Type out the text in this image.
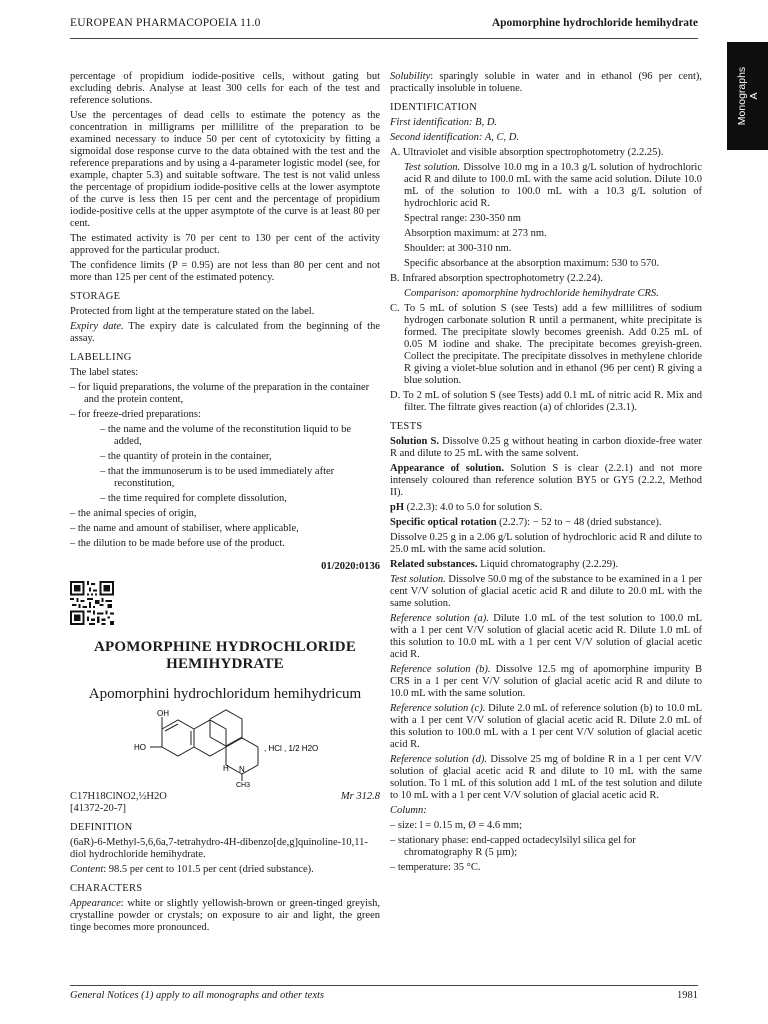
EUROPEAN PHARMACOPOEIA 11.0	Apomorphine hydrochloride hemihydrate
Monographs A

percentage of propidium iodide-positive cells, without gating but excluding debris. Analyse at least 300 cells for each of the test and reference solutions.

Use the percentages of dead cells to estimate the potency as the concentration in milligrams per millilitre of the preparation to be examined necessary to induce 50 per cent of cytotoxicity by fitting a sigmoidal dose response curve to the data obtained with the test and the reference preparations and by using a 4-parameter logistic model (see, for example, chapter 5.3) and suitable software. The test is not valid unless the percentage of propidium iodide-positive cells at the lower asymptote of the curve is less then 15 per cent and the percentage of propidium iodide-positive cells at the upper asymptote of the curve is at least 80 per cent.

The estimated activity is 70 per cent to 130 per cent of the activity approved for the particular product.

The confidence limits (P = 0.95) are not less than 80 per cent and not more than 125 per cent of the estimated potency.

STORAGE

Protected from light at the temperature stated on the label.

Expiry date. The expiry date is calculated from the beginning of the assay.

LABELLING

The label states:

– for liquid preparations, the volume of the preparation in the container and the protein content,

– for freeze-dried preparations:

– the name and the volume of the reconstitution liquid to be added,

– the quantity of protein in the container,

– that the immunoserum is to be used immediately after reconstitution,

– the time required for complete dissolution,

– the animal species of origin,

– the name and amount of stabiliser, where applicable,

– the dilution to be made before use of the product.

01/2020:0136
APOMORPHINE HYDROCHLORIDE HEMIHYDRATE
Apomorphini hydrochloridum hemihydricum
OH
HO
H N
CH3
, HCl , 1/2 H2O
C17H18ClNO2,½H2O	Mr 312.8

[41372-20-7]

DEFINITION

(6aR)-6-Methyl-5,6,6a,7-tetrahydro-4H-dibenzo[de,g]quinoline-10,11-diol hydrochloride hemihydrate.

Content: 98.5 per cent to 101.5 per cent (dried substance).

CHARACTERS

Appearance: white or slightly yellowish-brown or green-tinged greyish, crystalline powder or crystals; on exposure to air and light, the green tinge becomes more pronounced.

Solubility: sparingly soluble in water and in ethanol (96 per cent), practically insoluble in toluene.

IDENTIFICATION

First identification: B, D.

Second identification: A, C, D.

A. Ultraviolet and visible absorption spectrophotometry (2.2.25).

Test solution. Dissolve 10.0 mg in a 10.3 g/L solution of hydrochloric acid R and dilute to 100.0 mL with the same acid solution. Dilute 10.0 mL of the solution to 100.0 mL with a 10.3 g/L solution of hydrochloric acid R.

Spectral range: 230-350 nm

Absorption maximum: at 273 nm.

Shoulder: at 300-310 nm.

Specific absorbance at the absorption maximum: 530 to 570.

B. Infrared absorption spectrophotometry (2.2.24).

Comparison: apomorphine hydrochloride hemihydrate CRS.

C. To 5 mL of solution S (see Tests) add a few millilitres of sodium hydrogen carbonate solution R until a permanent, white precipitate is formed. The precipitate slowly becomes greenish. Add 0.25 mL of 0.05 M iodine and shake. The precipitate becomes greyish-green. Collect the precipitate. The precipitate dissolves in methylene chloride R giving a violet-blue solution and in ethanol (96 per cent) R giving a blue solution.

D. To 2 mL of solution S (see Tests) add 0.1 mL of nitric acid R. Mix and filter. The filtrate gives reaction (a) of chlorides (2.3.1).

TESTS

Solution S. Dissolve 0.25 g without heating in carbon dioxide-free water R and dilute to 25 mL with the same solvent.

Appearance of solution. Solution S is clear (2.2.1) and not more intensely coloured than reference solution BY5 or GY5 (2.2.2, Method II).

pH (2.2.3): 4.0 to 5.0 for solution S.

Specific optical rotation (2.2.7): − 52 to − 48 (dried substance).

Dissolve 0.25 g in a 2.06 g/L solution of hydrochloric acid R and dilute to 25.0 mL with the same acid solution.

Related substances. Liquid chromatography (2.2.29).

Test solution. Dissolve 50.0 mg of the substance to be examined in a 1 per cent V/V solution of glacial acetic acid R and dilute to 20.0 mL with the same solution.

Reference solution (a). Dilute 1.0 mL of the test solution to 100.0 mL with a 1 per cent V/V solution of glacial acetic acid R. Dilute 1.0 mL of this solution to 10.0 mL with a 1 per cent V/V solution of glacial acetic acid R.

Reference solution (b). Dissolve 12.5 mg of apomorphine impurity B CRS in a 1 per cent V/V solution of glacial acetic acid R and dilute to 10.0 mL with the same solution.

Reference solution (c). Dilute 2.0 mL of reference solution (b) to 10.0 mL with a 1 per cent V/V solution of glacial acetic acid R. Dilute 2.0 mL of this solution to 100.0 mL with a 1 per cent V/V solution of glacial acetic acid R.

Reference solution (d). Dissolve 25 mg of boldine R in a 1 per cent V/V solution of glacial acetic acid R and dilute to 10 mL with the same solution. To 1 mL of this solution add 1 mL of the test solution and dilute to 10 mL with a 1 per cent V/V solution of glacial acetic acid R.

Column:

– size: l = 0.15 m, Ø = 4.6 mm;

– stationary phase: end-capped octadecylsilyl silica gel for chromatography R (5 µm);

– temperature: 35 °C.

General Notices (1) apply to all monographs and other texts	1981
